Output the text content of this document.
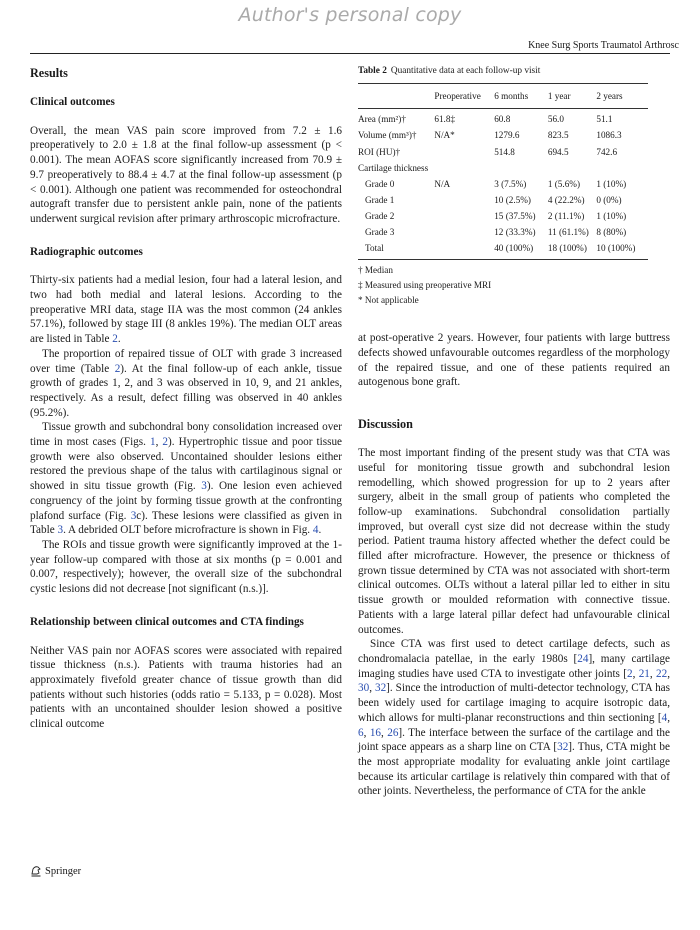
Author's personal copy
Knee Surg Sports Traumatol Arthrosc
Results
Clinical outcomes

Overall, the mean VAS pain score improved from 7.2 ± 1.6 preoperatively to 2.0 ± 1.8 at the final follow-up assessment (p < 0.001). The mean AOFAS score significantly increased from 70.9 ± 9.7 preoperatively to 88.4 ± 4.7 at the final follow-up assessment (p < 0.001). Although one patient was recommended for osteochondral autograft transfer due to persistent ankle pain, none of the patients underwent surgical revision after primary arthroscopic microfracture.

Radiographic outcomes

Thirty-six patients had a medial lesion, four had a lateral lesion, and two had both medial and lateral lesions. According to the preoperative MRI data, stage IIA was the most common (24 ankles 57.1%), followed by stage III (8 ankles 19%). The median OLT areas are listed in Table 2.

The proportion of repaired tissue of OLT with grade 3 increased over time (Table 2). At the final follow-up of each ankle, tissue growth of grades 1, 2, and 3 was observed in 10, 9, and 21 ankles, respectively. As a result, defect filling was observed in 40 ankles (95.2%).

Tissue growth and subchondral bony consolidation increased over time in most cases (Figs. 1, 2). Hypertrophic tissue and poor tissue growth were also observed. Uncontained shoulder lesions either restored the previous shape of the talus with cartilaginous signal or showed in situ tissue growth (Fig. 3). One lesion even achieved congruency of the joint by forming tissue growth at the confronting plafond surface (Fig. 3c). These lesions were classified as given in Table 3. A debrided OLT before microfracture is shown in Fig. 4.

The ROIs and tissue growth were significantly improved at the 1-year follow-up compared with those at six months (p = 0.001 and 0.007, respectively); however, the overall size of the subchondral cystic lesions did not decrease [not significant (n.s.)].

Relationship between clinical outcomes and CTA findings

Neither VAS pain nor AOFAS scores were associated with repaired tissue thickness (n.s.). Patients with trauma histories had an approximately fivefold greater chance of tissue growth than did patients without such histories (odds ratio = 5.133, p = 0.028). Most patients with an uncontained shoulder lesion showed a positive clinical outcome

Table 2 Quantitative data at each follow-up visit
	Preoperative	6 months	1 year	2 years
Area (mm²)†	61.8‡	60.8	56.0	51.1
Volume (mm³)†	N/A*	1279.6	823.5	1086.3
ROI (HU)†		514.8	694.5	742.6
Cartilage thickness				
Grade 0	N/A	3 (7.5%)	1 (5.6%)	1 (10%)
Grade 1		10 (2.5%)	4 (22.2%)	0 (0%)
Grade 2		15 (37.5%)	2 (11.1%)	1 (10%)
Grade 3		12 (33.3%)	11 (61.1%)	8 (80%)
Total		40 (100%)	18 (100%)	10 (100%)
† Median
‡ Measured using preoperative MRI
* Not applicable

at post-operative 2 years. However, four patients with large buttress defects showed unfavourable outcomes regardless of the morphology of the repaired tissue, and one of these patients required an autogenous bone graft.

Discussion

The most important finding of the present study was that CTA was useful for monitoring tissue growth and subchondral lesion remodelling, which showed progression for up to 2 years after surgery, albeit in the small group of patients who completed the follow-up examinations. Subchondral consolidation partially improved, but overall cyst size did not decrease within the study period. Patient trauma history affected whether the defect could be filled after microfracture. However, the presence or thickness of grown tissue determined by CTA was not associated with short-term clinical outcomes. OLTs without a lateral pillar led to either in situ tissue growth or moulded reformation with connective tissue. Patients with a large lateral pillar defect had unfavourable clinical outcomes.

Since CTA was first used to detect cartilage defects, such as chondromalacia patellae, in the early 1980s [24], many cartilage imaging studies have used CTA to investigate other joints [2, 21, 22, 30, 32]. Since the introduction of multi-detector technology, CTA has been widely used for cartilage imaging to acquire isotropic data, which allows for multi-planar reconstructions and thin sectioning [4, 6, 16, 26]. The interface between the surface of the cartilage and the joint space appears as a sharp line on CTA [32]. Thus, CTA might be the most appropriate modality for evaluating ankle joint cartilage because its articular cartilage is relatively thin compared with that of other joints. Nevertheless, the performance of CTA for the ankle

Springer
